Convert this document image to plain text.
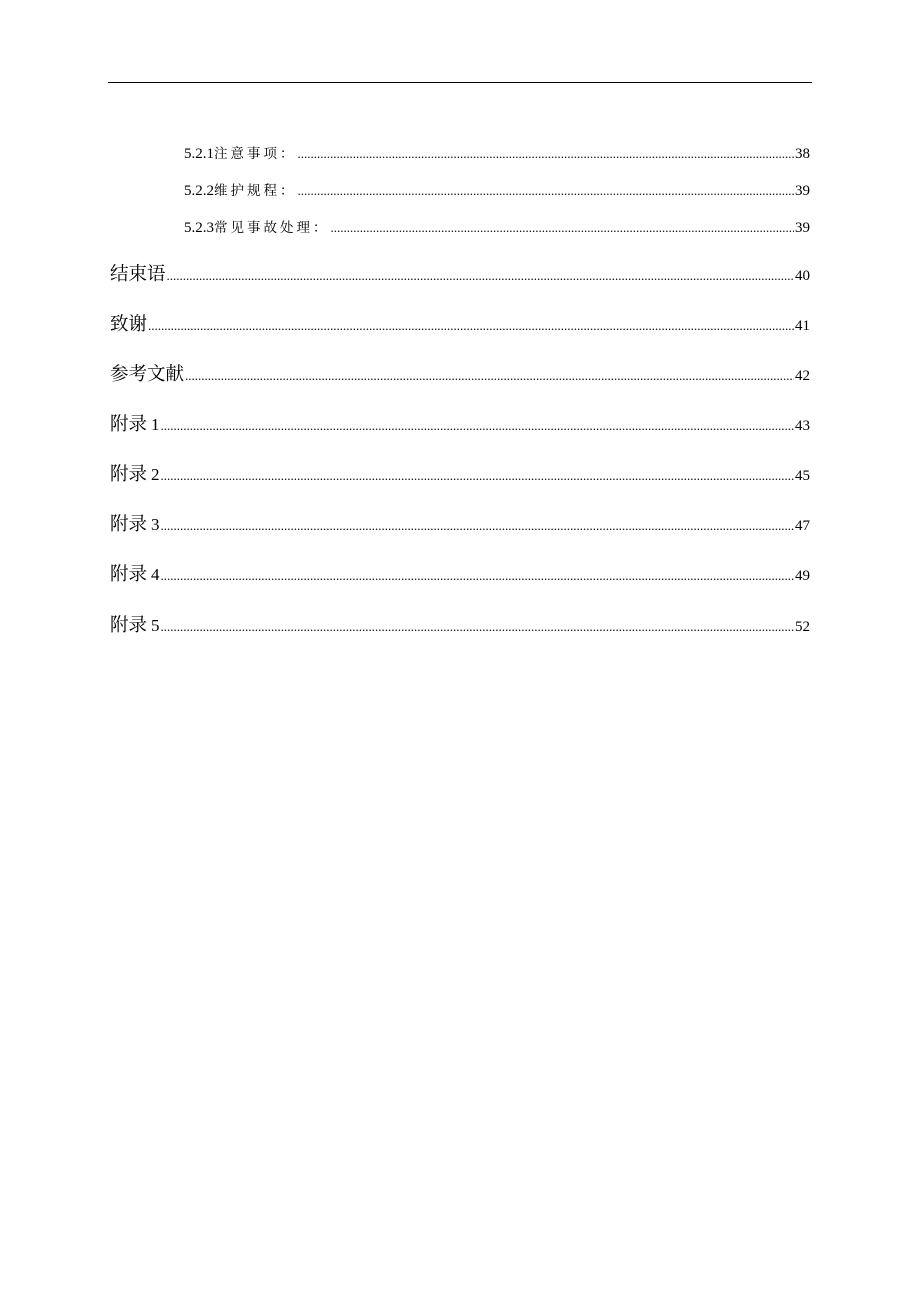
5.2.1 注意事项： .....	38
5.2.2 维护规程： .....	39
5.2.3 常见事故处理： .....	39
结束语 .....	40
致谢 .....	41
参考文献 .....	42
附录 1 .....	43
附录 2 .....	45
附录 3 .....	47
附录 4 .....	49
附录 5 .....	52
